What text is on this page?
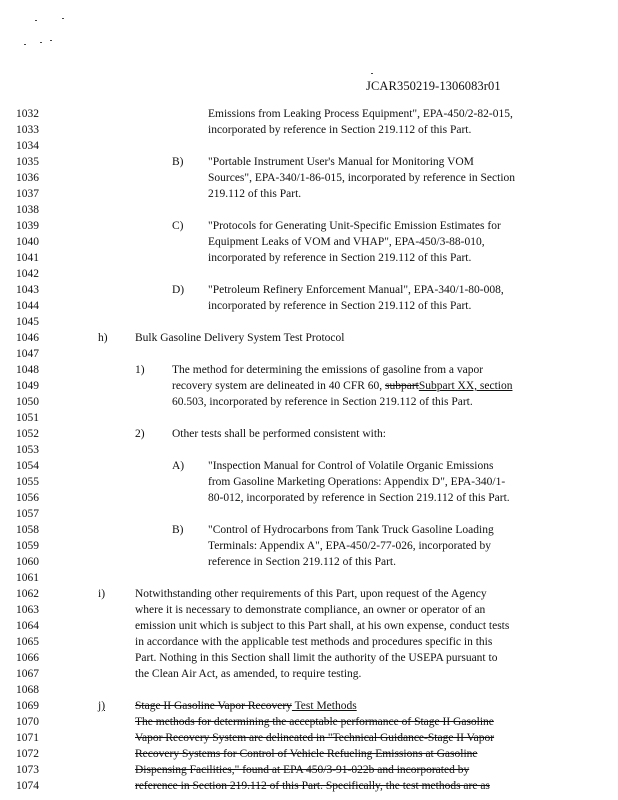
JCAR350219-1306083r01
1032
1033
1034
1035
1036
1037
1038
1039
1040
1041
1042
1043
1044
1045
1046
1047
1048
1049
1050
1051
1052
1053
1054
1055
1056
1057
1058
1059
1060
1061
1062
1063
1064
1065
1066
1067
1068
1069
1070
1071
1072
1073
1074
Emissions from Leaking Process Equipment", EPA-450/2-82-015,
incorporated by reference in Section 219.112 of this Part.
B) "Portable Instrument User's Manual for Monitoring VOM
Sources", EPA-340/1-86-015, incorporated by reference in Section
219.112 of this Part.
C) "Protocols for Generating Unit-Specific Emission Estimates for
Equipment Leaks of VOM and VHAP", EPA-450/3-88-010,
incorporated by reference in Section 219.112 of this Part.
D) "Petroleum Refinery Enforcement Manual", EPA-340/1-80-008,
incorporated by reference in Section 219.112 of this Part.
h) Bulk Gasoline Delivery System Test Protocol
1) The method for determining the emissions of gasoline from a vapor
recovery system are delineated in 40 CFR 60, subpartSubpart XX, section
60.503, incorporated by reference in Section 219.112 of this Part.
2) Other tests shall be performed consistent with:
A) "Inspection Manual for Control of Volatile Organic Emissions
from Gasoline Marketing Operations: Appendix D", EPA-340/1-
80-012, incorporated by reference in Section 219.112 of this Part.
B) "Control of Hydrocarbons from Tank Truck Gasoline Loading
Terminals: Appendix A", EPA-450/2-77-026, incorporated by
reference in Section 219.112 of this Part.
i)	Notwithstanding other requirements of this Part, upon request of the Agency
where it is necessary to demonstrate compliance, an owner or operator of an
emission unit which is subject to this Part shall, at his own expense, conduct tests
in accordance with the applicable test methods and procedures specific in this
Part. Nothing in this Section shall limit the authority of the USEPA pursuant to
the Clean Air Act, as amended, to require testing.
j)	Stage II Gasoline Vapor Recovery Test Methods
The methods for determining the acceptable performance of Stage II Gasoline
Vapor Recovery System are delineated in "Technical Guidance-Stage II Vapor
Recovery Systems for Control of Vehicle Refueling Emissions at Gasoline
Dispensing Facilities," found at EPA 450/3-91-022b and incorporated by
reference in Section 219.112 of this Part. Specifically, the test methods are as
